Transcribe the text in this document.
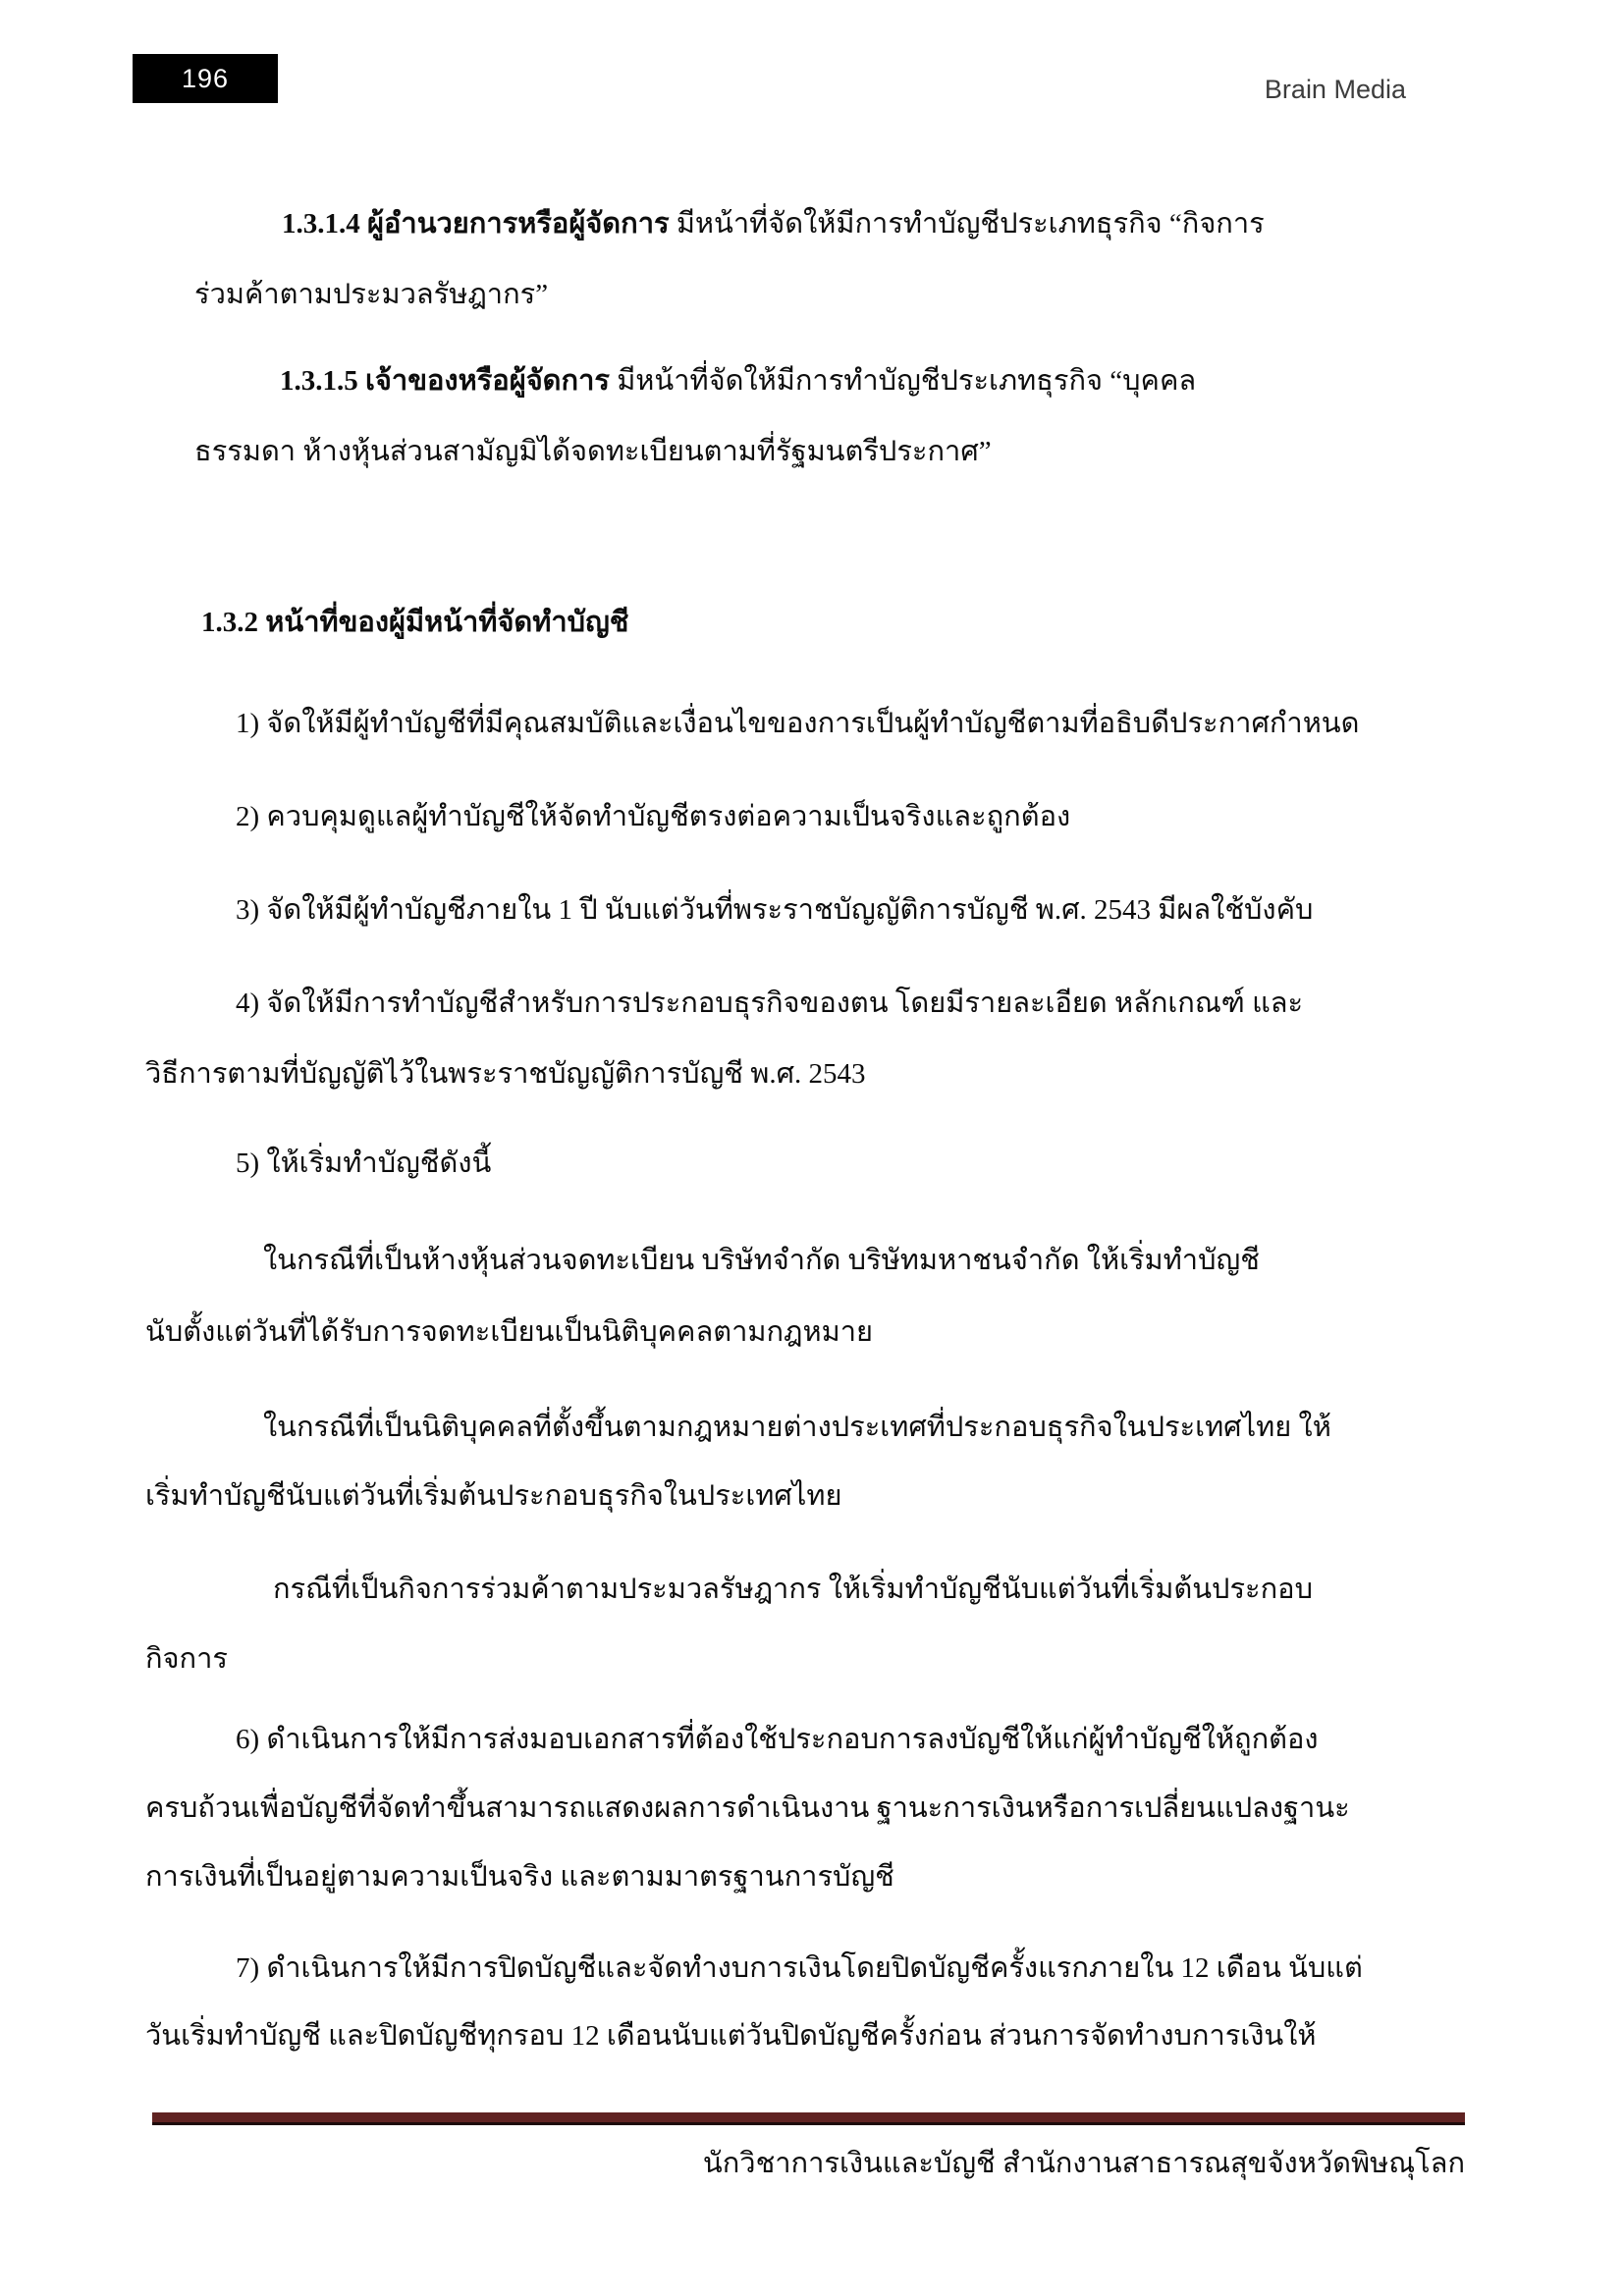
196	Brain Media
1.3.1.4 ผู้อำนวยการหรือผู้จัดการ มีหน้าที่จัดให้มีการทำบัญชีประเภทธุรกิจ “กิจการ
ร่วมค้าตามประมวลรัษฎากร”
1.3.1.5 เจ้าของหรือผู้จัดการ มีหน้าที่จัดให้มีการทำบัญชีประเภทธุรกิจ “บุคคล
ธรรมดา ห้างหุ้นส่วนสามัญมิได้จดทะเบียนตามที่รัฐมนตรีประกาศ”
1.3.2 หน้าที่ของผู้มีหน้าที่จัดทำบัญชี
1) จัดให้มีผู้ทำบัญชีที่มีคุณสมบัติและเงื่อนไขของการเป็นผู้ทำบัญชีตามที่อธิบดีประกาศกำหนด
2) ควบคุมดูแลผู้ทำบัญชีให้จัดทำบัญชีตรงต่อความเป็นจริงและถูกต้อง
3) จัดให้มีผู้ทำบัญชีภายใน 1 ปี นับแต่วันที่พระราชบัญญัติการบัญชี พ.ศ. 2543 มีผลใช้บังคับ
4) จัดให้มีการทำบัญชีสำหรับการประกอบธุรกิจของตน โดยมีรายละเอียด หลักเกณฑ์ และ
วิธีการตามที่บัญญัติไว้ในพระราชบัญญัติการบัญชี พ.ศ. 2543
5) ให้เริ่มทำบัญชีดังนี้
ในกรณีที่เป็นห้างหุ้นส่วนจดทะเบียน บริษัทจำกัด บริษัทมหาชนจำกัด ให้เริ่มทำบัญชี
นับตั้งแต่วันที่ได้รับการจดทะเบียนเป็นนิติบุคคลตามกฎหมาย
ในกรณีที่เป็นนิติบุคคลที่ตั้งขึ้นตามกฎหมายต่างประเทศที่ประกอบธุรกิจในประเทศไทย ให้
เริ่มทำบัญชีนับแต่วันที่เริ่มต้นประกอบธุรกิจในประเทศไทย
กรณีที่เป็นกิจการร่วมค้าตามประมวลรัษฎากร ให้เริ่มทำบัญชีนับแต่วันที่เริ่มต้นประกอบ
กิจการ
6) ดำเนินการให้มีการส่งมอบเอกสารที่ต้องใช้ประกอบการลงบัญชีให้แก่ผู้ทำบัญชีให้ถูกต้อง
ครบถ้วนเพื่อบัญชีที่จัดทำขึ้นสามารถแสดงผลการดำเนินงาน ฐานะการเงินหรือการเปลี่ยนแปลงฐานะ
การเงินที่เป็นอยู่ตามความเป็นจริง และตามมาตรฐานการบัญชี
7) ดำเนินการให้มีการปิดบัญชีและจัดทำงบการเงินโดยปิดบัญชีครั้งแรกภายใน 12 เดือน นับแต่
วันเริ่มทำบัญชี และปิดบัญชีทุกรอบ 12 เดือนนับแต่วันปิดบัญชีครั้งก่อน ส่วนการจัดทำงบการเงินให้
นักวิชาการเงินและบัญชี สำนักงานสาธารณสุขจังหวัดพิษณุโลก
